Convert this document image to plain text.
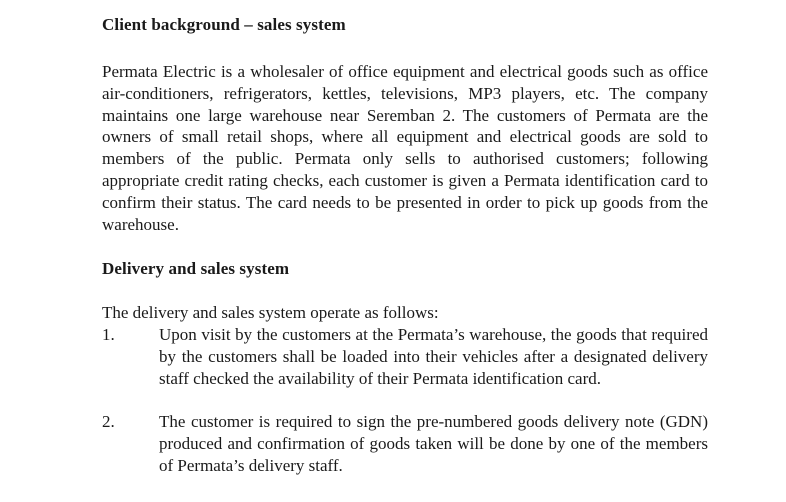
Client background – sales system

Permata Electric is a wholesaler of office equipment and electrical goods such as office air-conditioners, refrigerators, kettles, televisions, MP3 players, etc. The company maintains one large warehouse near Seremban 2. The customers of Permata are the owners of small retail shops, where all equipment and electrical goods are sold to members of the public. Permata only sells to authorised customers; following appropriate credit rating checks, each customer is given a Permata identification card to confirm their status. The card needs to be presented in order to pick up goods from the warehouse.

Delivery and sales system

The delivery and sales system operate as follows:

1.	Upon visit by the customers at the Permata’s warehouse, the goods that required by the customers shall be loaded into their vehicles after a designated delivery staff checked the availability of their Permata identification card.
2.	The customer is required to sign the pre-numbered goods delivery note (GDN) produced and confirmation of goods taken will be done by one of the members of Permata’s delivery staff.
